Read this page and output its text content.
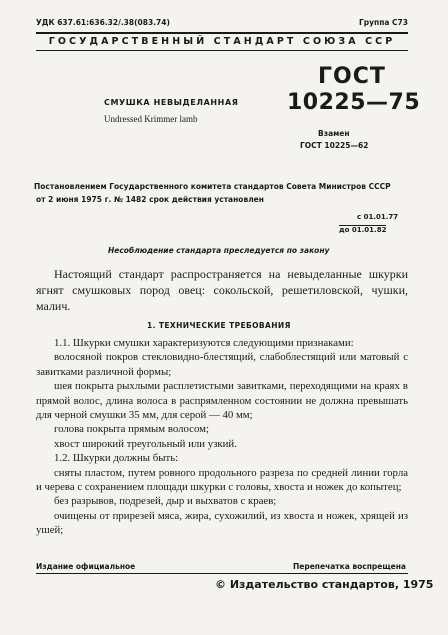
УДК 637.61:636.32/.38(083.74)	Группа С73
ГОСУДАРСТВЕННЫЙ СТАНДАРТ СОЮЗА ССР
СМУШКА НЕВЫДЕЛАННАЯ
Undressed Krimmer lamb
ГОСТ
10225—75
Взамен
ГОСТ 10225—62
Постановлением Государственного комитета стандартов Совета Министров СССР
от 2 июня 1975 г. № 1482 срок действия установлен
с 01.01.77
до 01.01.82
Несоблюдение стандарта преследуется по закону
Настоящий стандарт распространяется на невыделанные шкурки ягнят смушковых пород овец: сокольской, решетиловской, чушки, малич.
1. ТЕХНИЧЕСКИЕ ТРЕБОВАНИЯ

1.1. Шкурки смушки характеризуются следующими признаками:

волосяной покров стекловидно-блестящий, слабоблестящий или матовый с завитками различной формы;

шея покрыта рыхлыми расплетистыми завитками, переходящими на краях в прямой волос, длина волоса в распрямленном состоянии не должна превышать для черной смушки 35 мм, для серой — 40 мм;

голова покрыта прямым волосом;

хвост широкий треугольный или узкий.

1.2. Шкурки должны быть:

сняты пластом, путем ровного продольного разреза по средней линии горла и черева с сохранением площади шкурки с головы, хвоста и ножек до копытец;

без разрывов, подрезей, дыр и выхватов с краев;

очищены от прирезей мяса, жира, сухожилий, из хвоста и ножек, хрящей из ушей;

Издание официальное	Перепечатка воспрещена
© Издательство стандартов, 1975
